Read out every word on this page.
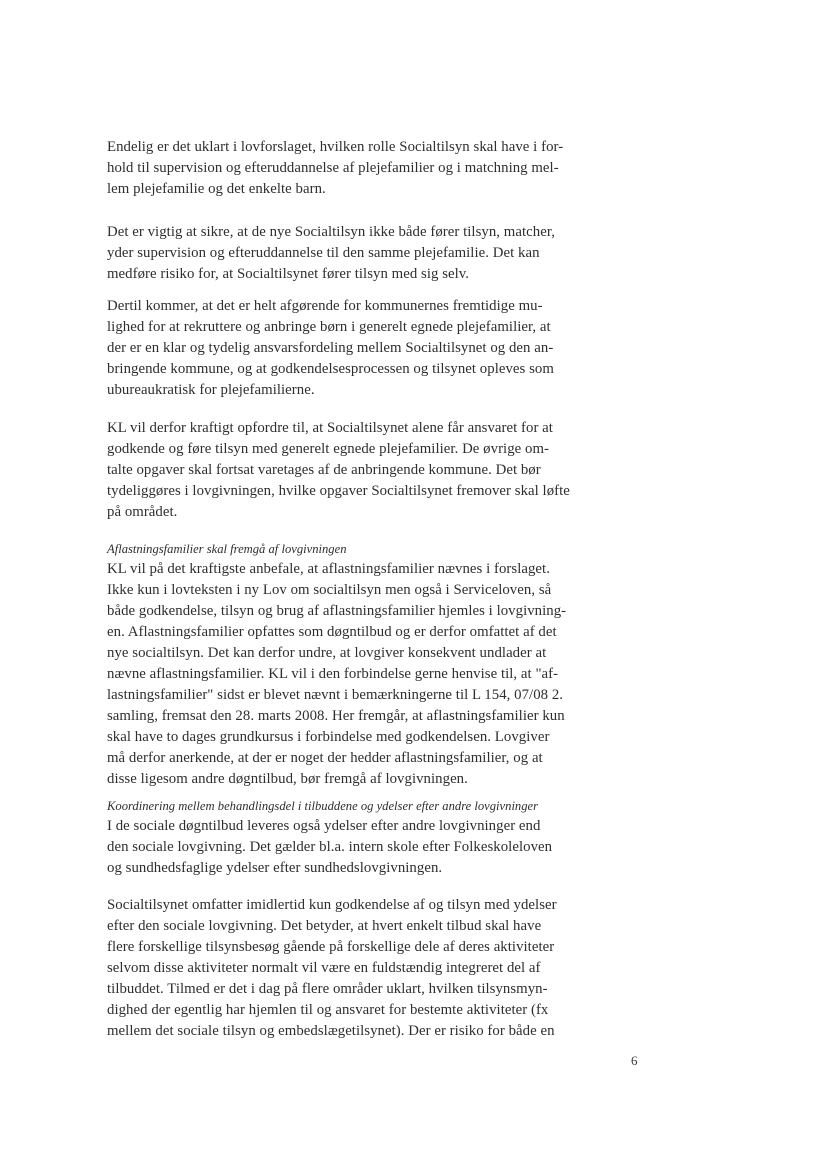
Endelig er det uklart i lovforslaget, hvilken rolle Socialtilsyn skal have i for-
hold til supervision og efteruddannelse af plejefamilier og i matchning mel-
lem plejefamilie og det enkelte barn.
Det er vigtig at sikre, at de nye Socialtilsyn ikke både fører tilsyn, matcher,
yder supervision og efteruddannelse til den samme plejefamilie. Det kan
medføre risiko for, at Socialtilsynet fører tilsyn med sig selv.
Dertil kommer, at det er helt afgørende for kommunernes fremtidige mu-
lighed for at rekruttere og anbringe børn i generelt egnede plejefamilier, at
der er en klar og tydelig ansvarsfordeling mellem Socialtilsynet og den an-
bringende kommune, og at godkendelsesprocessen og tilsynet opleves som
ubureaukratisk for plejefamilierne.
KL vil derfor kraftigt opfordre til, at Socialtilsynet alene får ansvaret for at
godkende og føre tilsyn med generelt egnede plejefamilier. De øvrige om-
talte opgaver skal fortsat varetages af de anbringende kommune. Det bør
tydeliggøres i lovgivningen, hvilke opgaver Socialtilsynet fremover skal løfte
på området.
Aflastningsfamilier skal fremgå af lovgivningen
KL vil på det kraftigste anbefale, at aflastningsfamilier nævnes i forslaget.
Ikke kun i lovteksten i ny Lov om socialtilsyn men også i Serviceloven, så
både godkendelse, tilsyn og brug af aflastningsfamilier hjemles i lovgivning-
en. Aflastningsfamilier opfattes som døgntilbud og er derfor omfattet af det
nye socialtilsyn. Det kan derfor undre, at lovgiver konsekvent undlader at
nævne aflastningsfamilier. KL vil i den forbindelse gerne henvise til, at "af-
lastningsfamilier" sidst er blevet nævnt i bemærkningerne til L 154, 07/08 2.
samling, fremsat den 28. marts 2008. Her fremgår, at aflastningsfamilier kun
skal have to dages grundkursus i forbindelse med godkendelsen. Lovgiver
må derfor anerkende, at der er noget der hedder aflastningsfamilier, og at
disse ligesom andre døgntilbud, bør fremgå af lovgivningen.
Koordinering mellem behandlingsdel i tilbuddene og ydelser efter andre lovgivninger
I de sociale døgntilbud leveres også ydelser efter andre lovgivninger end
den sociale lovgivning. Det gælder bl.a. intern skole efter Folkeskoleloven
og sundhedsfaglige ydelser efter sundhedslovgivningen.
Socialtilsynet omfatter imidlertid kun godkendelse af og tilsyn med ydelser
efter den sociale lovgivning. Det betyder, at hvert enkelt tilbud skal have
flere forskellige tilsynsbesøg gående på forskellige dele af deres aktiviteter
selvom disse aktiviteter normalt vil være en fuldstændig integreret del af
tilbuddet. Tilmed er det i dag på flere områder uklart, hvilken tilsynsmyn-
dighed der egentlig har hjemlen til og ansvaret for bestemte aktiviteter (fx
mellem det sociale tilsyn og embedslægetilsynet). Der er risiko for både en
6
